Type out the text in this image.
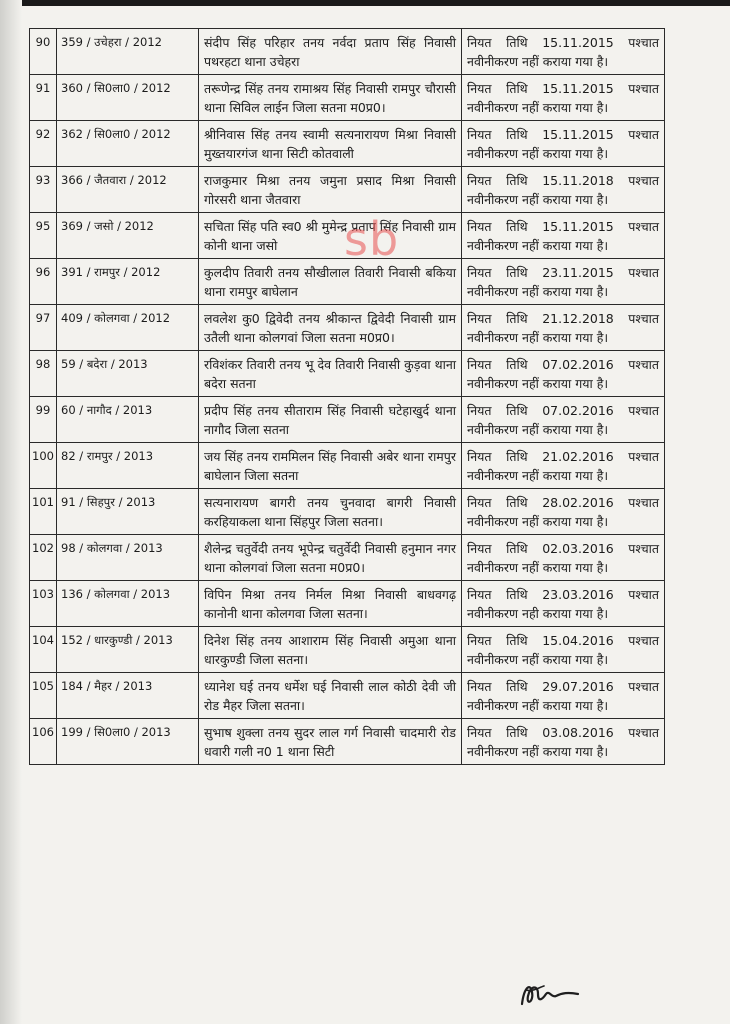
90	359 / उचेहरा / 2012	संदीप सिंह परिहार तनय नर्वदा प्रताप सिंह निवासी पथरहटा थाना उचेहरा	नियत तिथि 15.11.2015 पश्चात नवीनीकरण नहीं कराया गया है।
91	360 / सि0ला0 / 2012	तरूणेन्द्र सिंह तनय रामाश्रय सिंह निवासी रामपुर चौरासी थाना सिविल लाईन जिला सतना म0प्र0।	नियत तिथि 15.11.2015 पश्चात नवीनीकरण नहीं कराया गया है।
92	362 / सि0ला0 / 2012	श्रीनिवास सिंह तनय स्वामी सत्यनारायण मिश्रा निवासी मुख्तयारगंज थाना सिटी कोतवाली	नियत तिथि 15.11.2015 पश्चात नवीनीकरण नहीं कराया गया है।
93	366 / जैतवारा / 2012	राजकुमार मिश्रा तनय जमुना प्रसाद मिश्रा निवासी गोरसरी थाना जैतवारा	नियत तिथि 15.11.2018 पश्चात नवीनीकरण नहीं कराया गया है।
95	369 / जसो / 2012	सचिता सिंह पति स्व0 श्री मुमेन्द्र प्रताप सिंह निवासी ग्राम कोनी थाना जसो	नियत तिथि 15.11.2015 पश्चात नवीनीकरण नहीं कराया गया है।
96	391 / रामपुर / 2012	कुलदीप तिवारी तनय सौखीलाल तिवारी निवासी बकिया थाना रामपुर बाघेलान	नियत तिथि 23.11.2015 पश्चात नवीनीकरण नहीं कराया गया है।
97	409 / कोलगवा / 2012	लवलेश कु0 द्विवेदी तनय श्रीकान्त द्विवेदी निवासी ग्राम उतैली थाना कोलगवां जिला सतना म0प्र0।	नियत तिथि 21.12.2018 पश्चात नवीनीकरण नहीं कराया गया है।
98	59 / बदेरा / 2013	रविशंकर तिवारी तनय भू देव तिवारी निवासी कुड़वा थाना बदेरा सतना	नियत तिथि 07.02.2016 पश्चात नवीनीकरण नहीं कराया गया है।
99	60 / नागौद / 2013	प्रदीप सिंह तनय सीताराम सिंह निवासी घटेहाखुर्द थाना नागौद जिला सतना	नियत तिथि 07.02.2016 पश्चात नवीनीकरण नहीं कराया गया है।
100	82 / रामपुर / 2013	जय सिंह तनय राममिलन सिंह निवासी अबेर थाना रामपुर बाघेलान जिला सतना	नियत तिथि 21.02.2016 पश्चात नवीनीकरण नहीं कराया गया है।
101	91 / सिहपुर / 2013	सत्यनारायण बागरी तनय चुनवादा बागरी निवासी करहियाकला थाना सिंहपुर जिला सतना।	नियत तिथि 28.02.2016 पश्चात नवीनीकरण नहीं कराया गया है।
102	98 / कोलगवा / 2013	शैलेन्द्र चतुर्वेदी तनय भूपेन्द्र चतुर्वेदी निवासी हनुमान नगर थाना कोलगवां जिला सतना म0प्र0।	नियत तिथि 02.03.2016 पश्चात नवीनीकरण नहीं कराया गया है।
103	136 / कोलगवा / 2013	विपिन मिश्रा तनय निर्मल मिश्रा निवासी बाधवगढ़ कानोनी थाना कोलगवा जिला सतना।	नियत तिथि 23.03.2016 पश्चात नवीनीकरण नही कराया गया है।
104	152 / धारकुण्डी / 2013	दिनेश सिंह तनय आशाराम सिंह निवासी अमुआ थाना धारकुण्डी जिला सतना।	नियत तिथि 15.04.2016 पश्चात नवीनीकरण नहीं कराया गया है।
105	184 / मैहर / 2013	ध्यानेश घई तनय धर्मेश घई निवासी लाल कोठी देवी जी रोड मैहर जिला सतना।	नियत तिथि 29.07.2016 पश्चात नवीनीकरण नहीं कराया गया है।
106	199 / सि0ला0 / 2013	सुभाष शुक्ला तनय सुदर लाल गर्ग निवासी चादमारी रोड धवारी गली न0 1 थाना सिटी	नियत तिथि 03.08.2016 पश्चात नवीनीकरण नहीं कराया गया है।
sb
